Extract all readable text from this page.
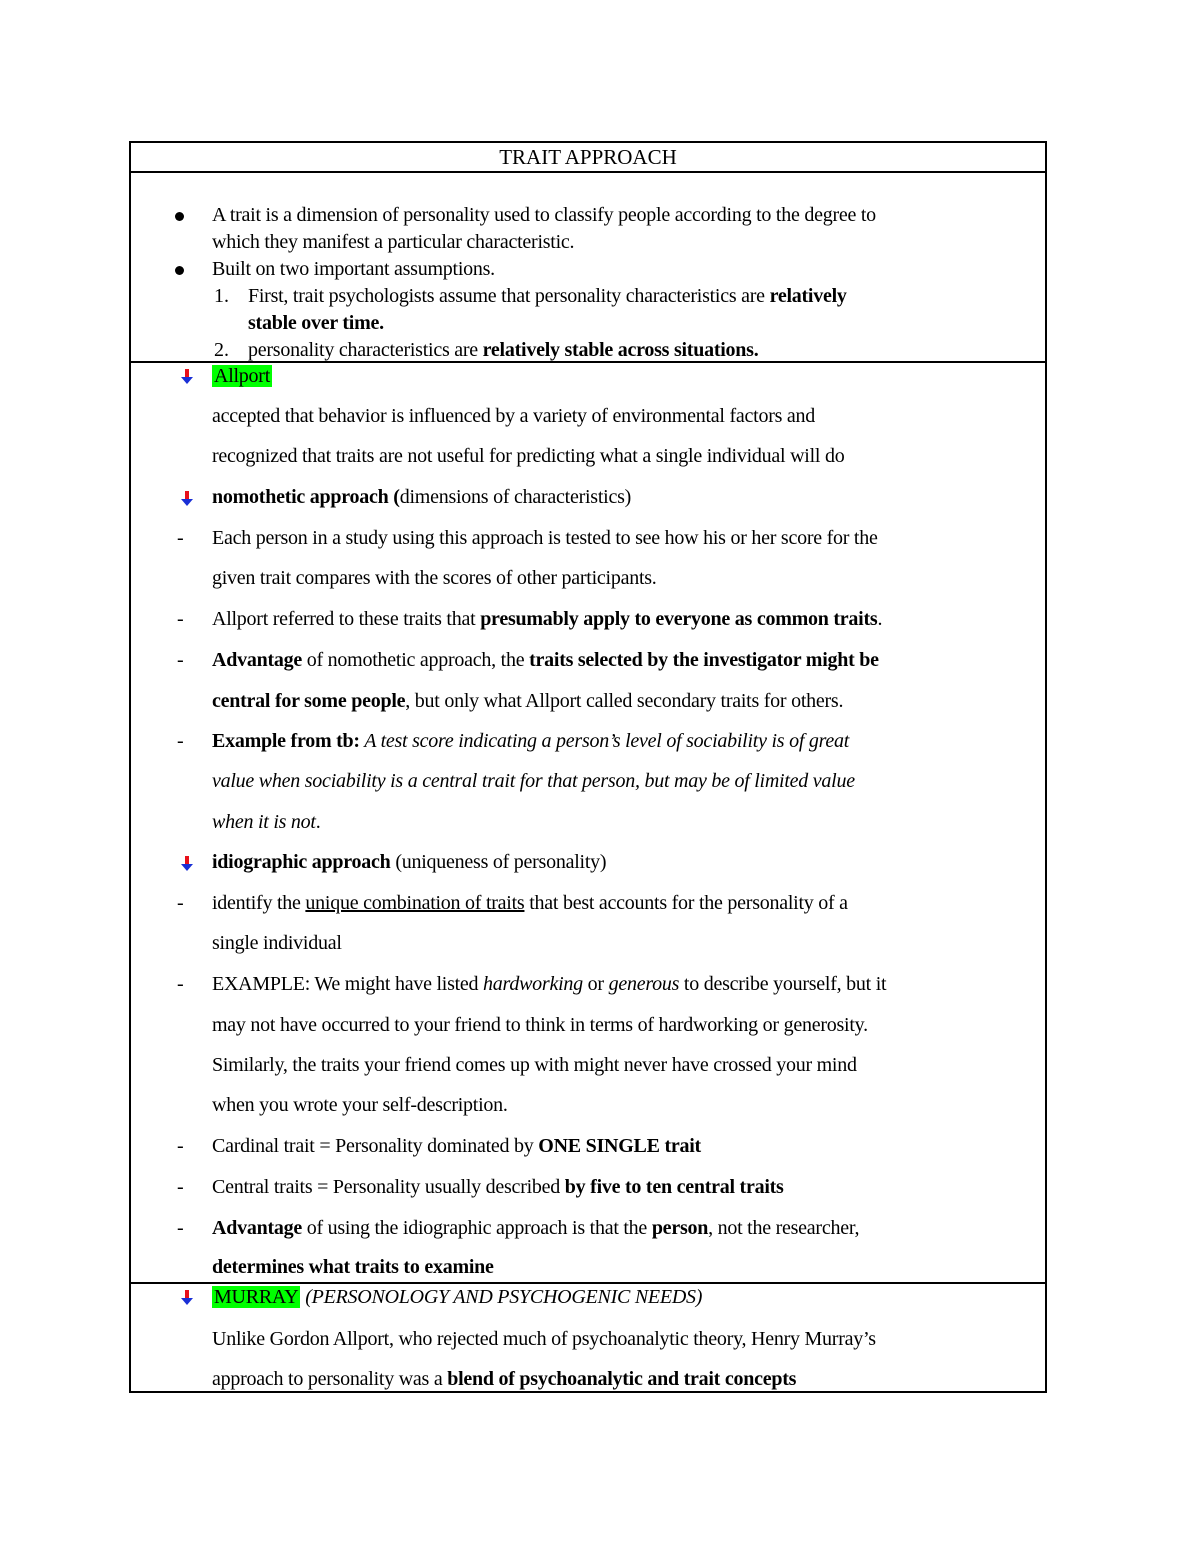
TRAIT APPROACH
A trait is a dimension of personality used to classify people according to the degree to
which they manifest a particular characteristic.
Built on two important assumptions.
1. First, trait psychologists assume that personality characteristics are relatively
stable over time.
2. personality characteristics are relatively stable across situations.
Allport
accepted that behavior is influenced by a variety of environmental factors and
recognized that traits are not useful for predicting what a single individual will do
nomothetic approach (dimensions of characteristics)
- Each person in a study using this approach is tested to see how his or her score for the
given trait compares with the scores of other participants.
- Allport referred to these traits that presumably apply to everyone as common traits.
- Advantage of nomothetic approach, the traits selected by the investigator might be
central for some people, but only what Allport called secondary traits for others.
- Example from tb: A test score indicating a person’s level of sociability is of great
value when sociability is a central trait for that person, but may be of limited value
when it is not.
idiographic approach (uniqueness of personality)
- identify the unique combination of traits that best accounts for the personality of a
single individual
- EXAMPLE: We might have listed hardworking or generous to describe yourself, but it
may not have occurred to your friend to think in terms of hardworking or generosity.
Similarly, the traits your friend comes up with might never have crossed your mind
when you wrote your self-description.
- Cardinal trait = Personality dominated by ONE SINGLE trait
- Central traits = Personality usually described by five to ten central traits
- Advantage of using the idiographic approach is that the person, not the researcher,
determines what traits to examine
MURRAY (PERSONOLOGY AND PSYCHOGENIC NEEDS)
Unlike Gordon Allport, who rejected much of psychoanalytic theory, Henry Murray’s
approach to personality was a blend of psychoanalytic and trait concepts
